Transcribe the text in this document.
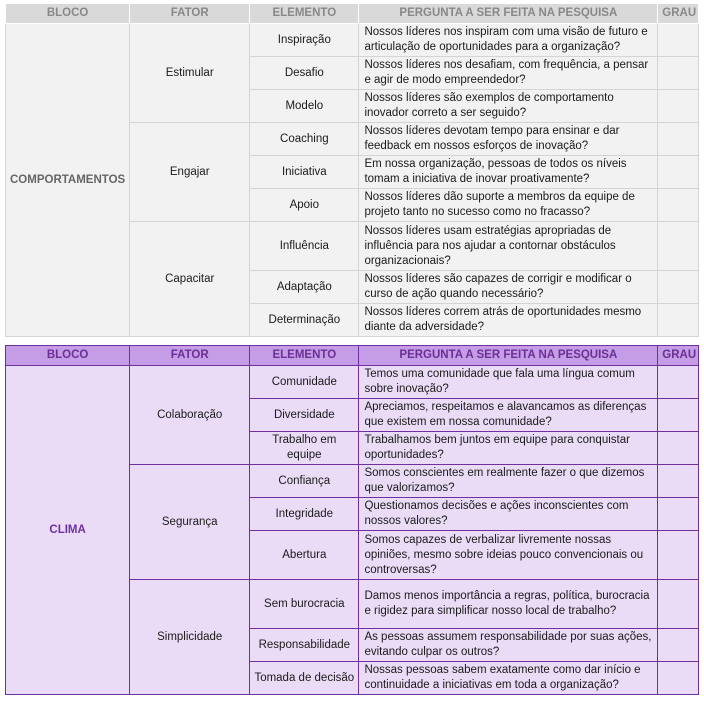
BLOCO	FATOR	ELEMENTO	PERGUNTA A SER FEITA NA PESQUISA	GRAU
COMPORTAMENTOS	Estimular	Inspiração	Nossos líderes nos inspiram com uma visão de futuro e articulação de oportunidades para a organização?	
		Desafio	Nossos líderes nos desafiam, com frequência, a pensar e agir de modo empreendedor?	
		Modelo	Nossos líderes são exemplos de comportamento inovador correto a ser seguido?	
	Engajar	Coaching	Nossos líderes devotam tempo para ensinar e dar feedback em nossos esforços de inovação?	
		Iniciativa	Em nossa organização, pessoas de todos os níveis tomam a iniciativa de inovar proativamente?	
		Apoio	Nossos líderes dão suporte a membros da equipe de projeto tanto no sucesso como no fracasso?	
	Capacitar	Influência	Nossos líderes usam estratégias apropriadas de influência para nos ajudar a contornar obstáculos organizacionais?	
		Adaptação	Nossos líderes são capazes de corrigir e modificar o curso de ação quando necessário?	
		Determinação	Nossos líderes correm atrás de oportunidades mesmo diante da adversidade?	
BLOCO	FATOR	ELEMENTO	PERGUNTA A SER FEITA NA PESQUISA	GRAU
CLIMA	Colaboração	Comunidade	Temos uma comunidade que fala uma língua comum sobre inovação?	
		Diversidade	Apreciamos, respeitamos e alavancamos as diferenças que existem em nossa comunidade?	
		Trabalho em equipe	Trabalhamos bem juntos em equipe para conquistar oportunidades?	
	Segurança	Confiança	Somos conscientes em realmente fazer o que dizemos que valorizamos?	
		Integridade	Questionamos decisões e ações inconscientes com nossos valores?	
		Abertura	Somos capazes de verbalizar livremente nossas opiniões, mesmo sobre ideias pouco convencionais ou controversas?	
	Simplicidade	Sem burocracia	Damos menos importância a regras, política, burocracia e rigidez para simplificar nosso local de trabalho?	
		Responsabilidade	As pessoas assumem responsabilidade por suas ações, evitando culpar os outros?	
		Tomada de decisão	Nossas pessoas sabem exatamente como dar início e continuidade a iniciativas em toda a organização?	
